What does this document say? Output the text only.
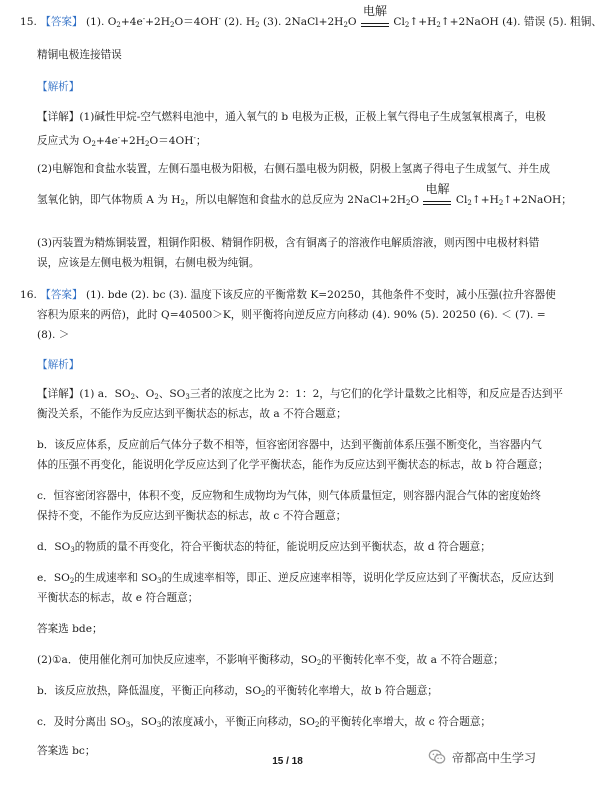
15. 【答案】 (1). $O_2+4e^-+2H_2O=4OH^-$ (2). $H_2$ (3). $2NaCl+2H_2O$
电解
$Cl_2↑+H_2↑+2NaOH$ (4). 错误 (5). 粗铜、
精铜电极连接错误
【解析】
【详解】(1)碱性甲烷-空气燃料电池中，通入氧气的 b 电极为正极，正极上氧气得电子生成氢氧根离子，电极
反应式为 $O_2+4e^-+2H_2O=4OH^-$；
(2)电解饱和食盐水装置，左侧石墨电极为阳极，右侧石墨电极为阴极，阴极上氢离子得电子生成氢气、并生成
氢氧化钠，即气体物质 A 为 $H_2$，所以电解饱和食盐水的总反应为 $2NaCl+2H_2O$
电解
$Cl_2↑+H_2↑+2NaOH$；
(3)丙装置为精炼铜装置，粗铜作阳极、精铜作阴极，含有铜离子的溶液作电解质溶液，则丙图中电极材料错
误，应该是左侧电极为粗铜，右侧电极为纯铜。
16. 【答案】 (1). bde (2). bc (3). 温度下该反应的平衡常数 K=20250，其他条件不变时，减小压强(拉升容器使
容积为原来的两倍)，此时 Q=40500＞K，则平衡将向逆反应方向移动 (4). 90% (5). 20250 (6). ＜ (7). =
(8). ＞
【解析】
【详解】(1) a．$SO_2$、$O_2$、$SO_3$三者的浓度之比为 2：1：2，与它们的化学计量数之比相等，和反应是否达到平
衡没关系，不能作为反应达到平衡状态的标志，故 a 不符合题意；
b．该反应体系，反应前后气体分子数不相等，恒容密闭容器中，达到平衡前体系压强不断变化，当容器内气
体的压强不再变化，能说明化学反应达到了化学平衡状态，能作为反应达到平衡状态的标志，故 b 符合题意；
c．恒容密闭容器中，体积不变，反应物和生成物均为气体，则气体质量恒定，则容器内混合气体的密度始终
保持不变，不能作为反应达到平衡状态的标志，故 c 不符合题意；
d．$SO_3$的物质的量不再变化，符合平衡状态的特征，能说明反应达到平衡状态，故 d 符合题意；
e．$SO_2$的生成速率和 $SO_3$的生成速率相等，即正、逆反应速率相等，说明化学反应达到了平衡状态，反应达到
平衡状态的标志，故 e 符合题意；
答案选 bde；
(2)①a．使用催化剂可加快反应速率，不影响平衡移动，$SO_2$的平衡转化率不变，故 a 不符合题意；
b．该反应放热，降低温度，平衡正向移动，$SO_2$的平衡转化率增大，故 b 符合题意；
c．及时分离出 $SO_3$，$SO_3$的浓度减小，平衡正向移动，$SO_2$的平衡转化率增大，故 c 符合题意；
答案选 bc；
15 / 18	帝都高中生学习
